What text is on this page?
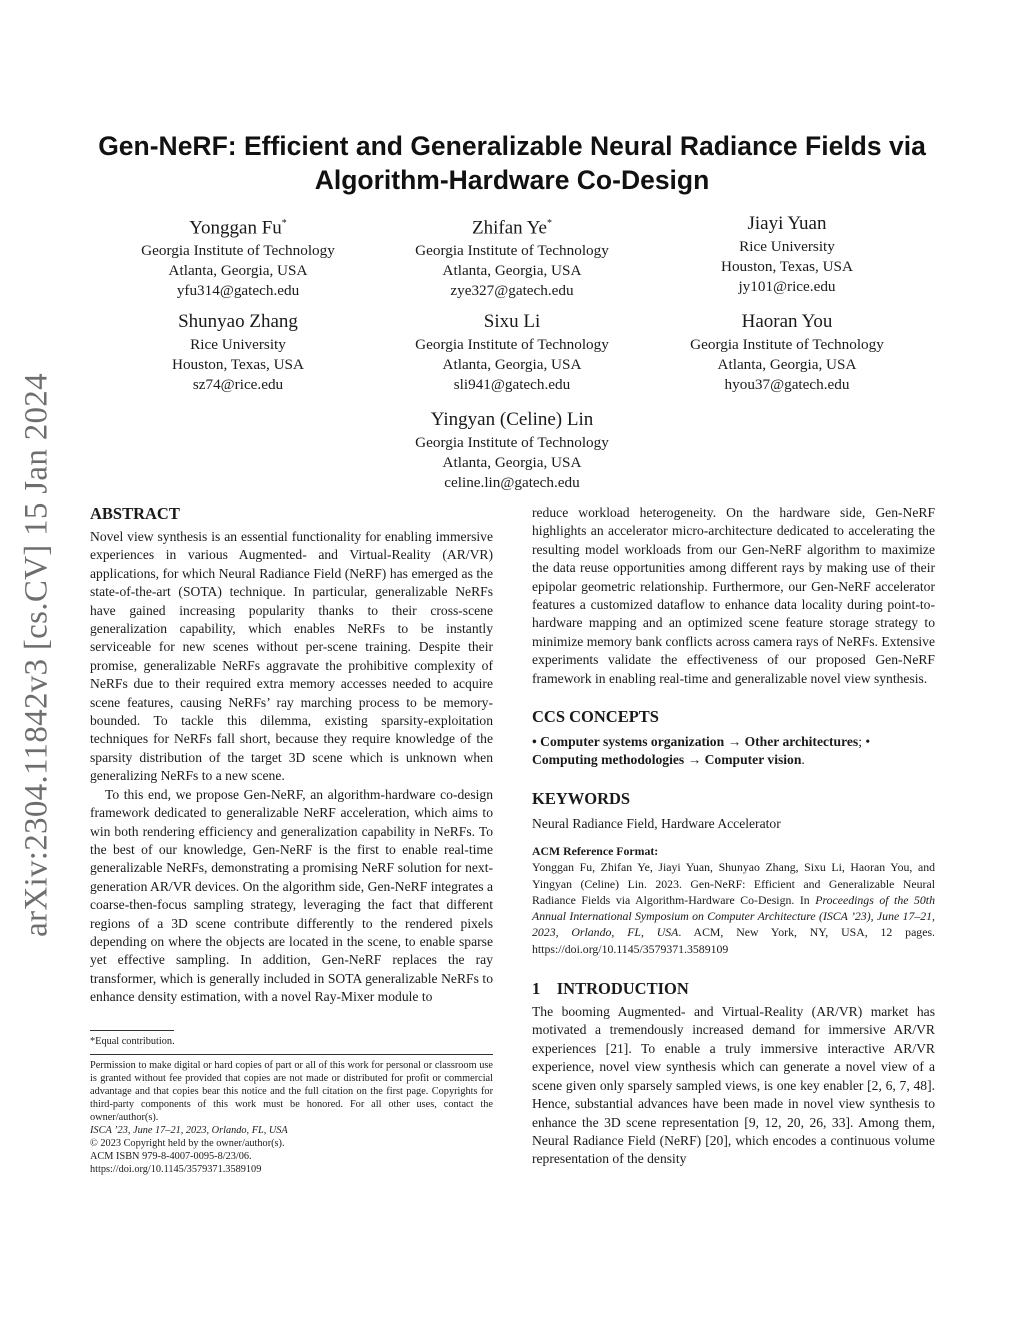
arXiv:2304.11842v3 [cs.CV] 15 Jan 2024
Gen-NeRF: Efficient and Generalizable Neural Radiance Fields via
Algorithm-Hardware Co-Design
Yonggan Fu*
Georgia Institute of Technology
Atlanta, Georgia, USA
yfu314@gatech.edu
Zhifan Ye*
Georgia Institute of Technology
Atlanta, Georgia, USA
zye327@gatech.edu
Jiayi Yuan
Rice University
Houston, Texas, USA
jy101@rice.edu
Shunyao Zhang
Rice University
Houston, Texas, USA
sz74@rice.edu
Sixu Li
Georgia Institute of Technology
Atlanta, Georgia, USA
sli941@gatech.edu
Haoran You
Georgia Institute of Technology
Atlanta, Georgia, USA
hyou37@gatech.edu
Yingyan (Celine) Lin
Georgia Institute of Technology
Atlanta, Georgia, USA
celine.lin@gatech.edu
ABSTRACT

Novel view synthesis is an essential functionality for enabling immersive experiences in various Augmented- and Virtual-Reality (AR/VR) applications, for which Neural Radiance Field (NeRF) has emerged as the state-of-the-art (SOTA) technique. In particular, generalizable NeRFs have gained increasing popularity thanks to their cross-scene generalization capability, which enables NeRFs to be instantly serviceable for new scenes without per-scene training. Despite their promise, generalizable NeRFs aggravate the prohibitive complexity of NeRFs due to their required extra memory accesses needed to acquire scene features, causing NeRFs’ ray marching process to be memory-bounded. To tackle this dilemma, existing sparsity-exploitation techniques for NeRFs fall short, because they require knowledge of the sparsity distribution of the target 3D scene which is unknown when generalizing NeRFs to a new scene.

To this end, we propose Gen-NeRF, an algorithm-hardware co-design framework dedicated to generalizable NeRF acceleration, which aims to win both rendering efficiency and generalization capability in NeRFs. To the best of our knowledge, Gen-NeRF is the first to enable real-time generalizable NeRFs, demonstrating a promising NeRF solution for next-generation AR/VR devices. On the algorithm side, Gen-NeRF integrates a coarse-then-focus sampling strategy, leveraging the fact that different regions of a 3D scene contribute differently to the rendered pixels depending on where the objects are located in the scene, to enable sparse yet effective sampling. In addition, Gen-NeRF replaces the ray transformer, which is generally included in SOTA generalizable NeRFs to enhance density estimation, with a novel Ray-Mixer module to

*Equal contribution.
Permission to make digital or hard copies of part or all of this work for personal or classroom use is granted without fee provided that copies are not made or distributed for profit or commercial advantage and that copies bear this notice and the full citation on the first page. Copyrights for third-party components of this work must be honored. For all other uses, contact the owner/author(s).
ISCA ’23, June 17–21, 2023, Orlando, FL, USA
© 2023 Copyright held by the owner/author(s).
ACM ISBN 979-8-4007-0095-8/23/06.
https://doi.org/10.1145/3579371.3589109

reduce workload heterogeneity. On the hardware side, Gen-NeRF highlights an accelerator micro-architecture dedicated to accelerating the resulting model workloads from our Gen-NeRF algorithm to maximize the data reuse opportunities among different rays by making use of their epipolar geometric relationship. Furthermore, our Gen-NeRF accelerator features a customized dataflow to enhance data locality during point-to-hardware mapping and an optimized scene feature storage strategy to minimize memory bank conflicts across camera rays of NeRFs. Extensive experiments validate the effectiveness of our proposed Gen-NeRF framework in enabling real-time and generalizable novel view synthesis.

CCS CONCEPTS

• Computer systems organization → Other architectures; • Computing methodologies → Computer vision.

KEYWORDS

Neural Radiance Field, Hardware Accelerator

ACM Reference Format:

Yonggan Fu, Zhifan Ye, Jiayi Yuan, Shunyao Zhang, Sixu Li, Haoran You, and Yingyan (Celine) Lin. 2023. Gen-NeRF: Efficient and Generalizable Neural Radiance Fields via Algorithm-Hardware Co-Design. In Proceedings of the 50th Annual International Symposium on Computer Architecture (ISCA ’23), June 17–21, 2023, Orlando, FL, USA. ACM, New York, NY, USA, 12 pages. https://doi.org/10.1145/3579371.3589109

1    INTRODUCTION

The booming Augmented- and Virtual-Reality (AR/VR) market has motivated a tremendously increased demand for immersive AR/VR experiences [21]. To enable a truly immersive interactive AR/VR experience, novel view synthesis which can generate a novel view of a scene given only sparsely sampled views, is one key enabler [2, 6, 7, 48]. Hence, substantial advances have been made in novel view synthesis to enhance the 3D scene representation [9, 12, 20, 26, 33]. Among them, Neural Radiance Field (NeRF) [20], which encodes a continuous volume representation of the density
